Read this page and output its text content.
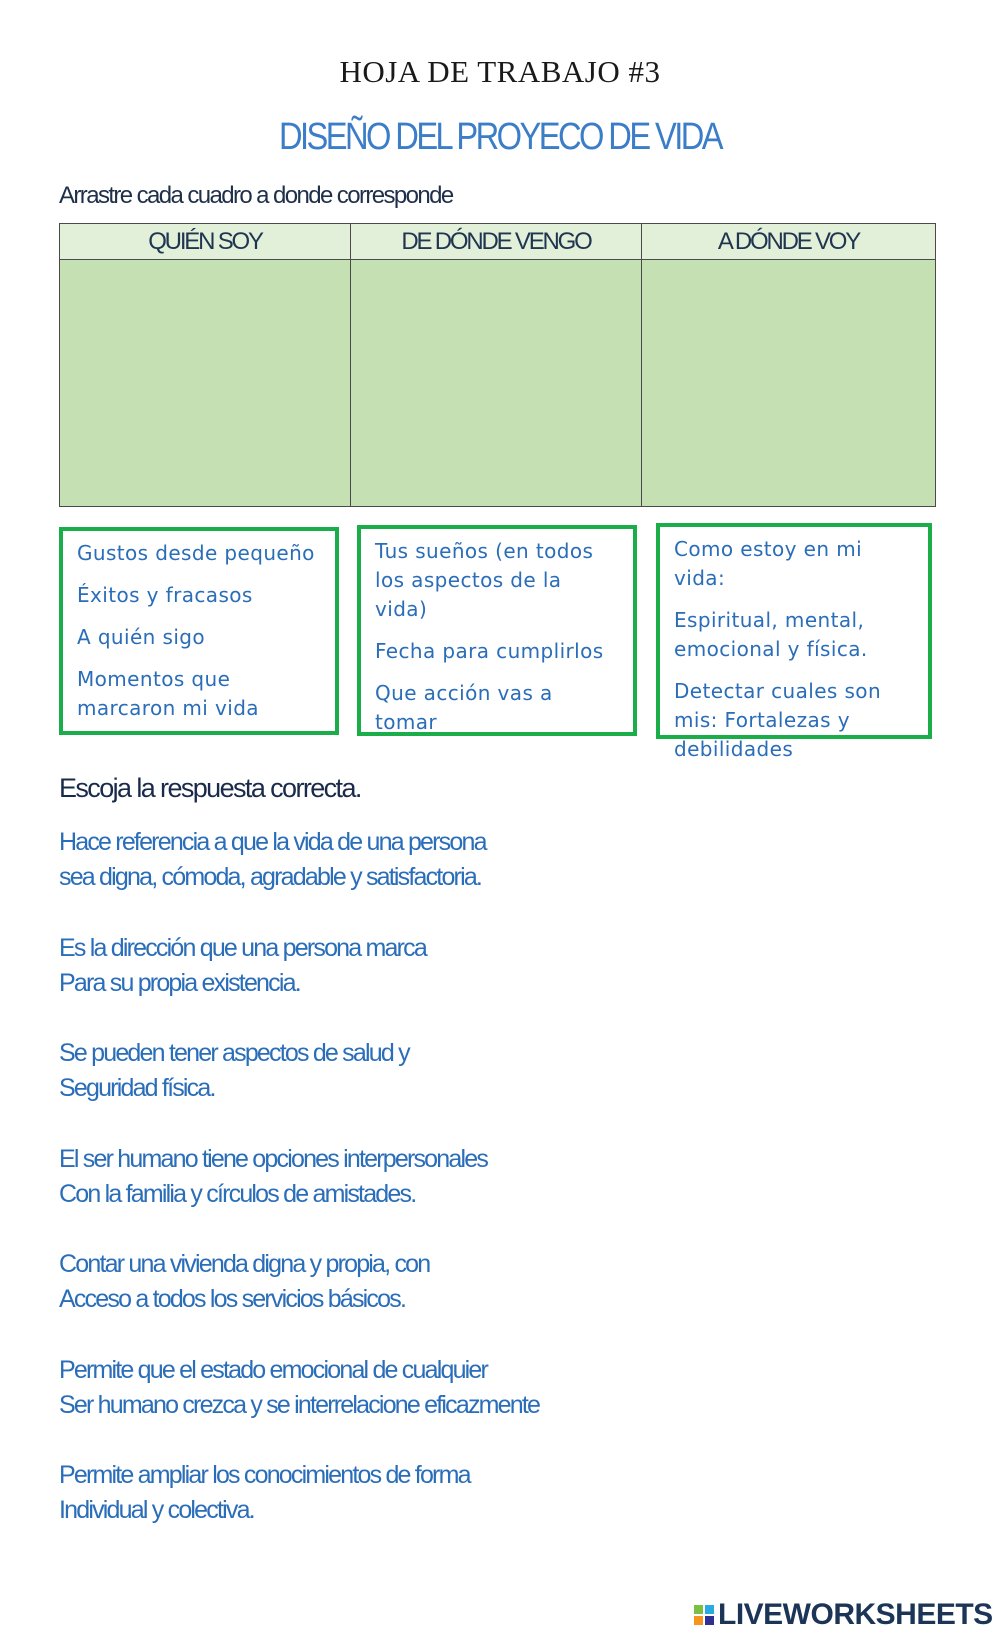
HOJA DE TRABAJO #3
DISEÑO DEL PROYECO DE VIDA
Arrastre cada cuadro a donde corresponde
QUIÉN SOY	DE DÓNDE VENGO	A DÓNDE VOY

Gustos desde pequeño

Éxitos y fracasos

A quién sigo

Momentos que marcaron mi vida

Tus sueños (en todos los aspectos de la vida)

Fecha para cumplirlos

Que acción vas a tomar

Como estoy en mi vida:

Espiritual, mental, emocional y física.

Detectar cuales son mis: Fortalezas y debilidades

Escoja la respuesta correcta.
Hace referencia a que la vida de una persona
sea digna, cómoda, agradable y satisfactoria.
Es la dirección que una persona marca
Para su propia existencia.
Se pueden tener aspectos de salud y
Seguridad física.
El ser humano tiene opciones interpersonales
Con la familia y círculos de amistades.
Contar una vivienda digna y propia, con
Acceso a todos los servicios básicos.
Permite que el estado emocional de cualquier
Ser humano crezca y se interrelacione eficazmente
Permite ampliar los conocimientos de forma
Individual y colectiva.
LIVEWORKSHEETS
